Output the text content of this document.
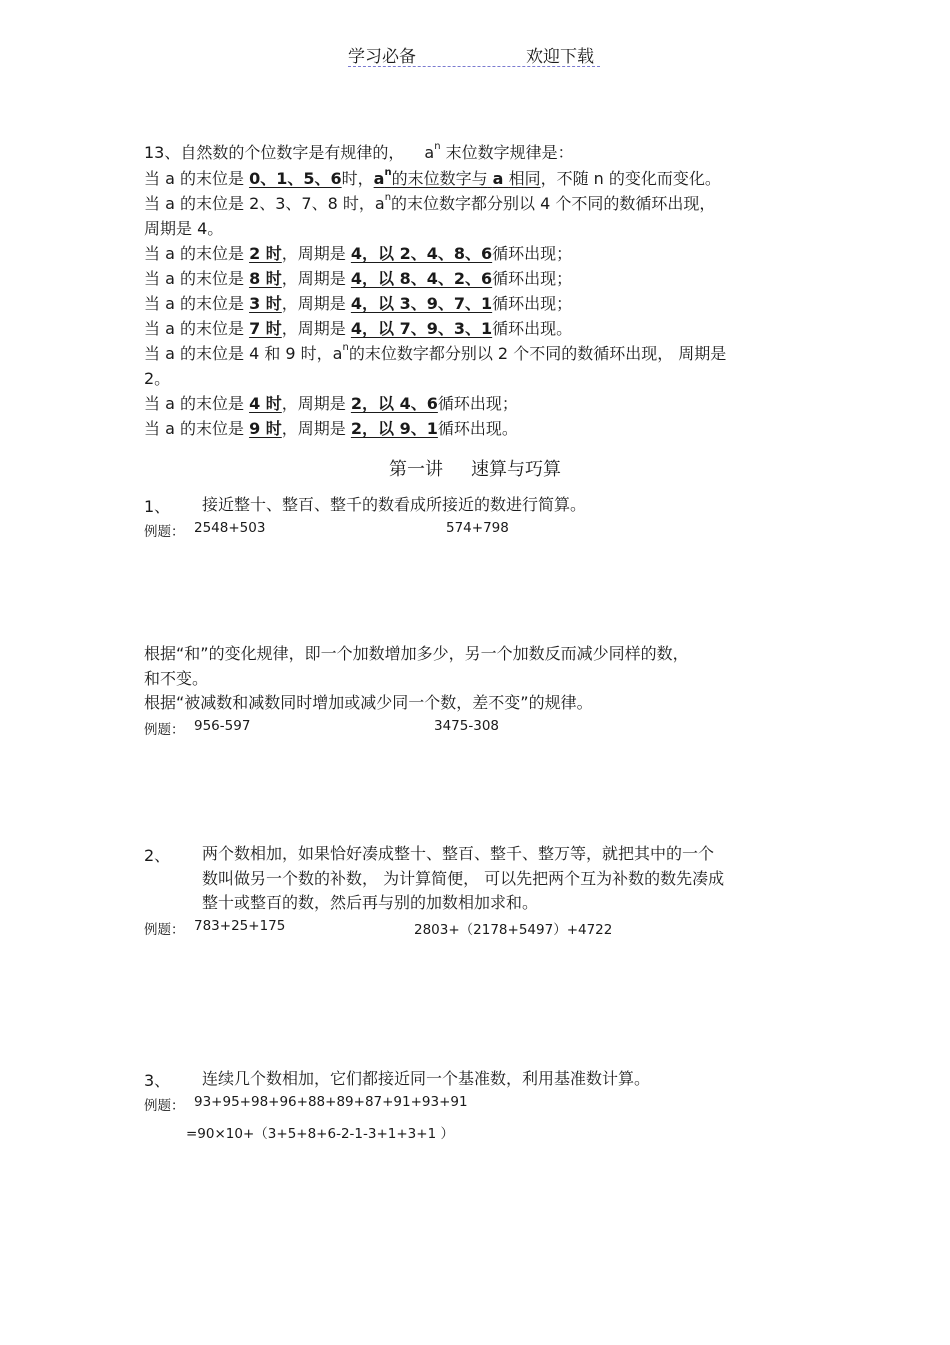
学习必备	欢迎下载
13、自然数的个位数字是有规律的， $a^n$ 末位数字规律是：
当 a 的末位是 0、1、5、6时，$a^n$的末位数字与 a 相同，不随 n 的变化而变化。
当 a 的末位是 2、3、7、8 时，$a^n$的末位数字都分别以 4 个不同的数循环出现，
周期是 4。
当 a 的末位是 2 时，周期是 4，以 2、4、8、6循环出现；
当 a 的末位是 8 时，周期是 4，以 8、4、2、6循环出现；
当 a 的末位是 3 时，周期是 4，以 3、9、7、1循环出现；
当 a 的末位是 7 时，周期是 4，以 7、9、3、1循环出现。
当 a 的末位是 4 和 9 时，$a^n$的末位数字都分别以 2 个不同的数循环出现， 周期是
2。
当 a 的末位是 4 时，周期是 2，以 4、6循环出现；
当 a 的末位是 9 时，周期是 2，以 9、1循环出现。
第一讲 速算与巧算
1、 接近整十、整百、整千的数看成所接近的数进行简算。
例题： 2548+503	574+798
根据“和”的变化规律，即一个加数增加多少，另一个加数反而减少同样的数，
和不变。
根据“被减数和减数同时增加或减少同一个数，差不变”的规律。
例题： 956-597	3475-308
2、 两个数相加，如果恰好凑成整十、整百、整千、整万等，就把其中的一个
数叫做另一个数的补数， 为计算简便， 可以先把两个互为补数的数先凑成
整十或整百的数，然后再与别的加数相加求和。
例题： 783+25+175	2803+（2178+5497）+4722
3、 连续几个数相加，它们都接近同一个基准数，利用基准数计算。
例题： 93+95+98+96+88+89+87+91+93+91
=90×10+（3+5+8+6-2-1-3+1+3+1 ）
